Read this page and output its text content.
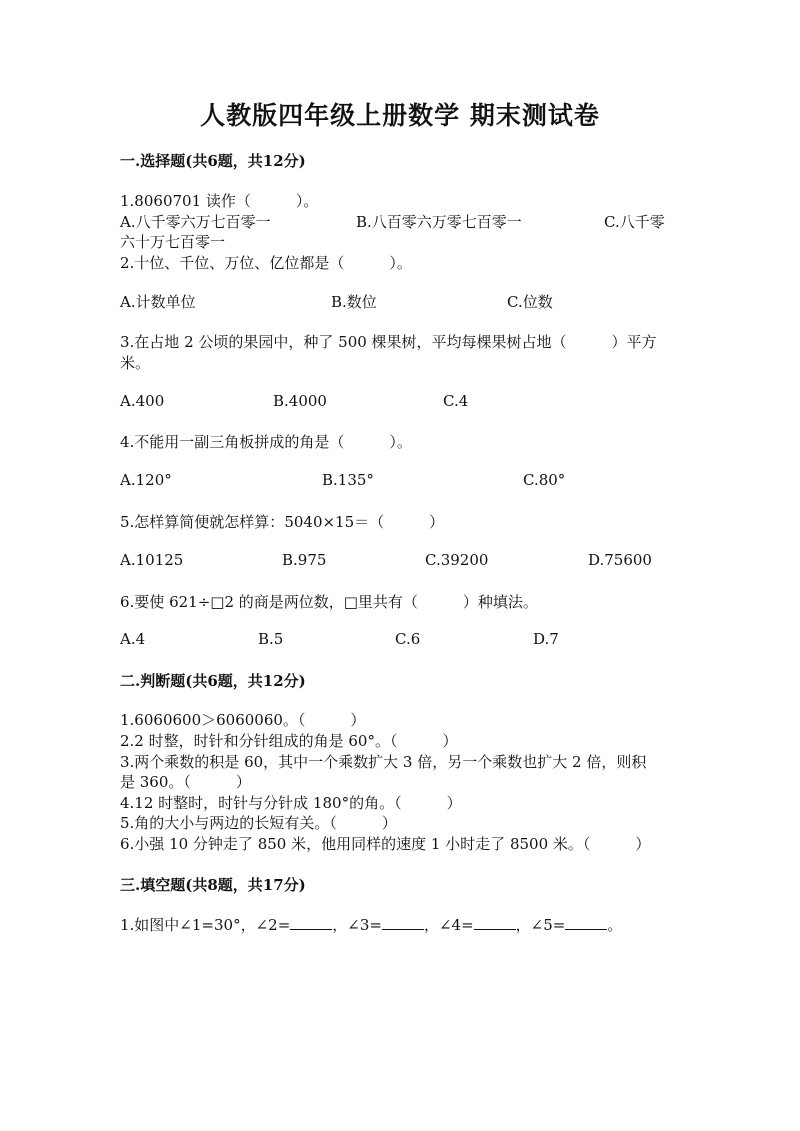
人教版四年级上册数学 期末测试卷
一.选择题(共6题，共12分)
1.8060701 读作（　　　）。
A.八千零六万七百零一	B.八百零六万零七百零一	C.八千零
六十万七百零一
2.十位、千位、万位、亿位都是（　　　）。
A.计数单位	B.数位	C.位数
3.在占地 2 公顷的果园中，种了 500 棵果树，平均每棵果树占地（　　　）平方
米。
A.400	B.4000	C.4
4.不能用一副三角板拼成的角是（　　　）。
A.120°	B.135°	C.80°
5.怎样算简便就怎样算：5040×15＝（　　　）
A.10125	B.975	C.39200	D.75600
6.要使 621÷□2 的商是两位数，□里共有（　　　）种填法。
A.4	B.5	C.6	D.7
二.判断题(共6题，共12分)
1.6060600＞6060060。（　　　）
2.2 时整，时针和分针组成的角是 60°。（　　　）
3.两个乘数的积是 60，其中一个乘数扩大 3 倍，另一个乘数也扩大 2 倍，则积
是 360。（　　　）
4.12 时整时，时针与分针成 180°的角。（　　　）
5.角的大小与两边的长短有关。（　　　）
6.小强 10 分钟走了 850 米，他用同样的速度 1 小时走了 8500 米。（　　　）
三.填空题(共8题，共17分)
1.如图中∠1=30°，∠2=	，∠3=	，∠4=	，∠5=	。
